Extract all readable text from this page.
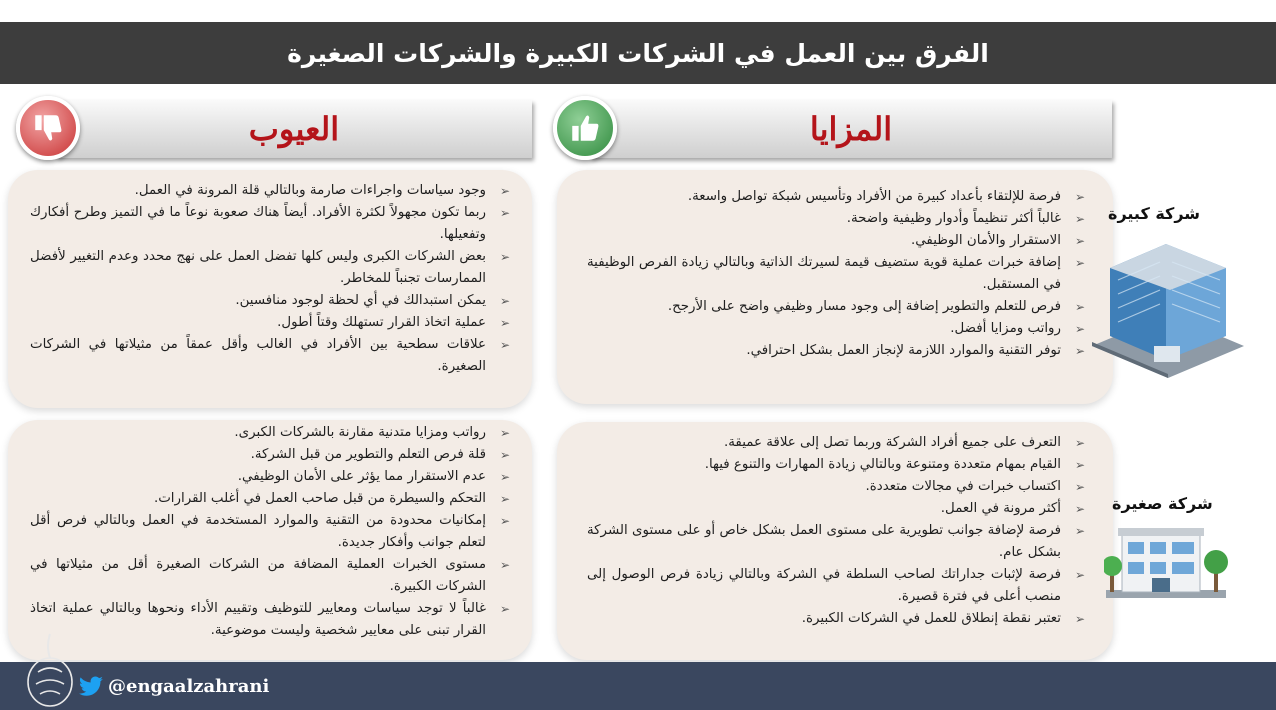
الفرق بين العمل في الشركات الكبيرة والشركات الصغيرة
المزايا
العيوب
➢
فرصة للإلتقاء بأعداد كبيرة من الأفراد وتأسيس شبكة تواصل واسعة.
➢
غالباً أكثر تنظيماً وأدوار وظيفية واضحة.
➢
الاستقرار والأمان الوظيفي.
➢
إضافة خبرات عملية قوية ستضيف قيمة لسيرتك الذاتية وبالتالي زيادة الفرص الوظيفية في المستقبل.
➢
فرص للتعلم والتطوير إضافة إلى وجود مسار وظيفي واضح على الأرجح.
➢
رواتب ومزايا أفضل.
➢
توفر التقنية والموارد اللازمة لإنجاز العمل بشكل احترافي.
➢
التعرف على جميع أفراد الشركة وربما تصل إلى علاقة عميقة.
➢
القيام بمهام متعددة ومتنوعة وبالتالي زيادة المهارات والتنوع فيها.
➢
اكتساب خبرات في مجالات متعددة.
➢
أكثر مرونة في العمل.
➢
فرصة لإضافة جوانب تطويرية على مستوى العمل بشكل خاص أو على مستوى الشركة بشكل عام.
➢
فرصة لإثبات جداراتك لصاحب السلطة في الشركة وبالتالي زيادة فرص الوصول إلى منصب أعلى في فترة قصيرة.
➢
تعتبر نقطة إنطلاق للعمل في الشركات الكبيرة.
➢
وجود سياسات واجراءات صارمة وبالتالي قلة المرونة في العمل.
➢
ربما تكون مجهولاً لكثرة الأفراد. أيضاً هناك صعوبة نوعاً ما في التميز وطرح أفكارك وتفعيلها.
➢
بعض الشركات الكبرى وليس كلها تفضل العمل على نهج محدد وعدم التغيير لأفضل الممارسات تجنباً للمخاطر.
➢
يمكن استبدالك في أي لحظة لوجود منافسين.
➢
عملية اتخاذ القرار تستهلك وقتاً أطول.
➢
علاقات سطحية بين الأفراد في الغالب وأقل عمقاً من مثيلاتها في الشركات الصغيرة.
➢
رواتب ومزايا متدنية مقارنة بالشركات الكبرى.
➢
قلة فرص التعلم والتطوير من قبل الشركة.
➢
عدم الاستقرار مما يؤثر على الأمان الوظيفي.
➢
التحكم والسيطرة من قبل صاحب العمل في أغلب القرارات.
➢
إمكانيات محدودة من التقنية والموارد المستخدمة في العمل وبالتالي فرص أقل لتعلم جوانب وأفكار جديدة.
➢
مستوى الخبرات العملية المضافة من الشركات الصغيرة أقل من مثيلاتها في الشركات الكبيرة.
➢
غالباً لا توجد سياسات ومعايير للتوظيف وتقييم الأداء ونحوها وبالتالي عملية اتخاذ القرار تبنى على معايير شخصية وليست موضوعية.
شركة كبيرة
شركة صغيرة
@engaalzahrani
